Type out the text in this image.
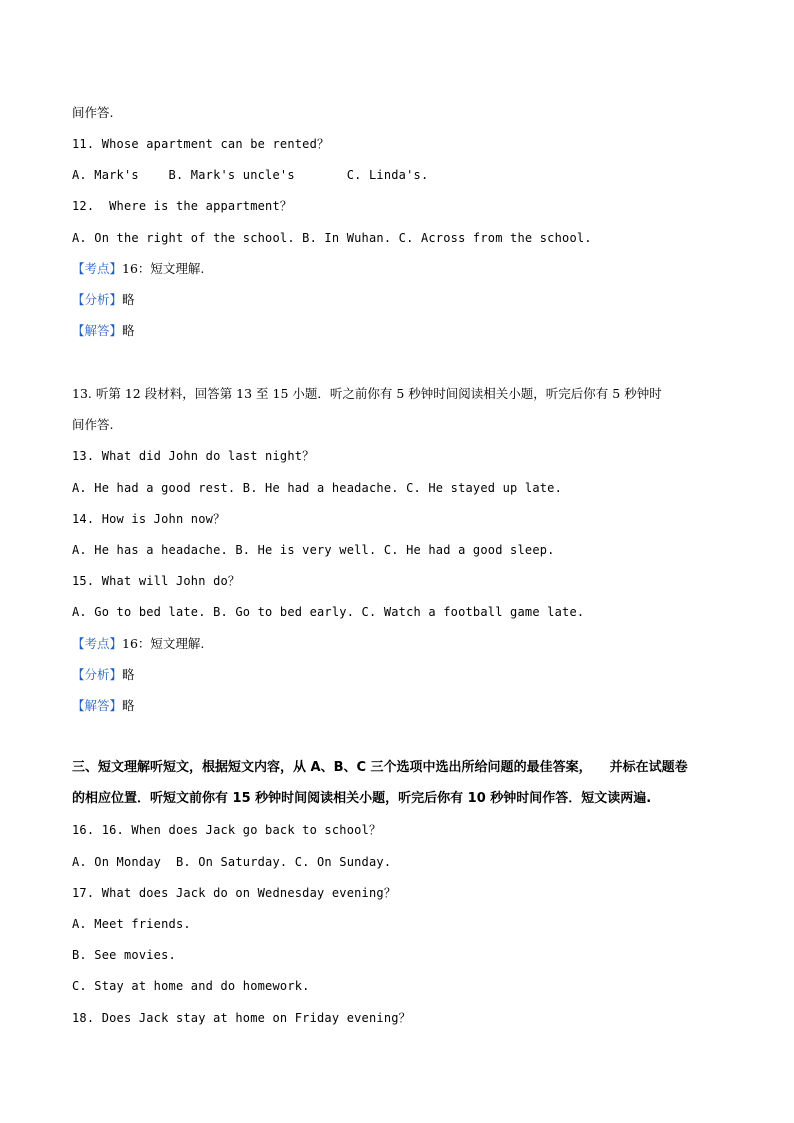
间作答.
11. Whose apartment can be rented？
A. Mark's    B. Mark's uncle's       C. Linda's.
12.  Where is the appartment？
A. On the right of the school. B. In Wuhan. C. Across from the school.
【考点】16：短文理解.
【分析】略
【解答】略
13. 听第 12 段材料，回答第 13 至 15 小题．听之前你有 5 秒钟时间阅读相关小题，听完后你有 5 秒钟时
间作答.
13. What did John do last night？
A. He had a good rest. B. He had a headache. C. He stayed up late.
14. How is John now？
A. He has a headache. B. He is very well. C. He had a good sleep.
15. What will John do？
A. Go to bed late. B. Go to bed early. C. Watch a football game late.
【考点】16：短文理解.
【分析】略
【解答】略
三、短文理解听短文，根据短文内容，从 A、B、C 三个选项中选出所给问题的最佳答案，    并标在试题卷
的相应位置．听短文前你有 15 秒钟时间阅读相关小题，听完后你有 10 秒钟时间作答．短文读两遍.
16. 16. When does Jack go back to school？
A. On Monday  B. On Saturday. C. On Sunday.
17. What does Jack do on Wednesday evening？
A. Meet friends.
B. See movies.
C. Stay at home and do homework.
18. Does Jack stay at home on Friday evening？
